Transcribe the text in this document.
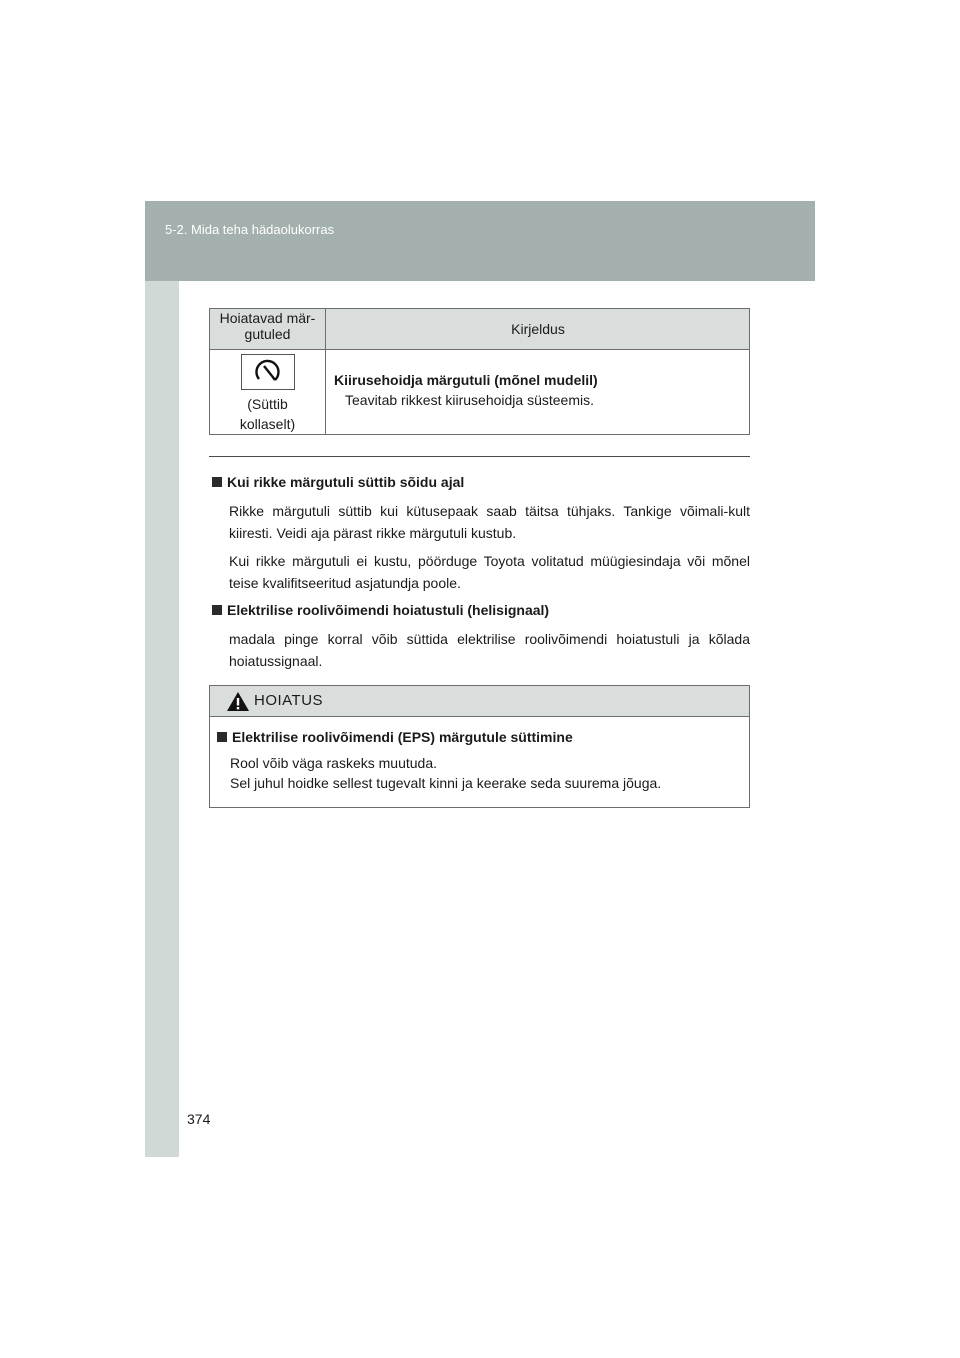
5-2. Mida teha hädaolukorras
374
Hoiatavad mär-
gutuled	Kirjeldus
(Süttib
kollaselt)
Kiirusehoidja märgutuli (mõnel mudelil)
Teavitab rikkest kiirusehoidja süsteemis.
Kui rikke märgutuli süttib sõidu ajal
Rikke märgutuli süttib kui kütusepaak saab täitsa tühjaks. Tankige võimali-kult kiiresti. Veidi aja pärast rikke märgutuli kustub.
Kui rikke märgutuli ei kustu, pöörduge Toyota volitatud müügiesindaja või mõnel teise kvalifitseeritud asjatundja poole.
Elektrilise roolivõimendi hoiatustuli (helisignaal)
madala pinge korral võib süttida elektrilise roolivõimendi hoiatustuli ja kõlada hoiatussignaal.
HOIATUS
Elektrilise roolivõimendi (EPS) märgutule süttimine
Rool võib väga raskeks muutuda.
Sel juhul hoidke sellest tugevalt kinni ja keerake seda suurema jõuga.
